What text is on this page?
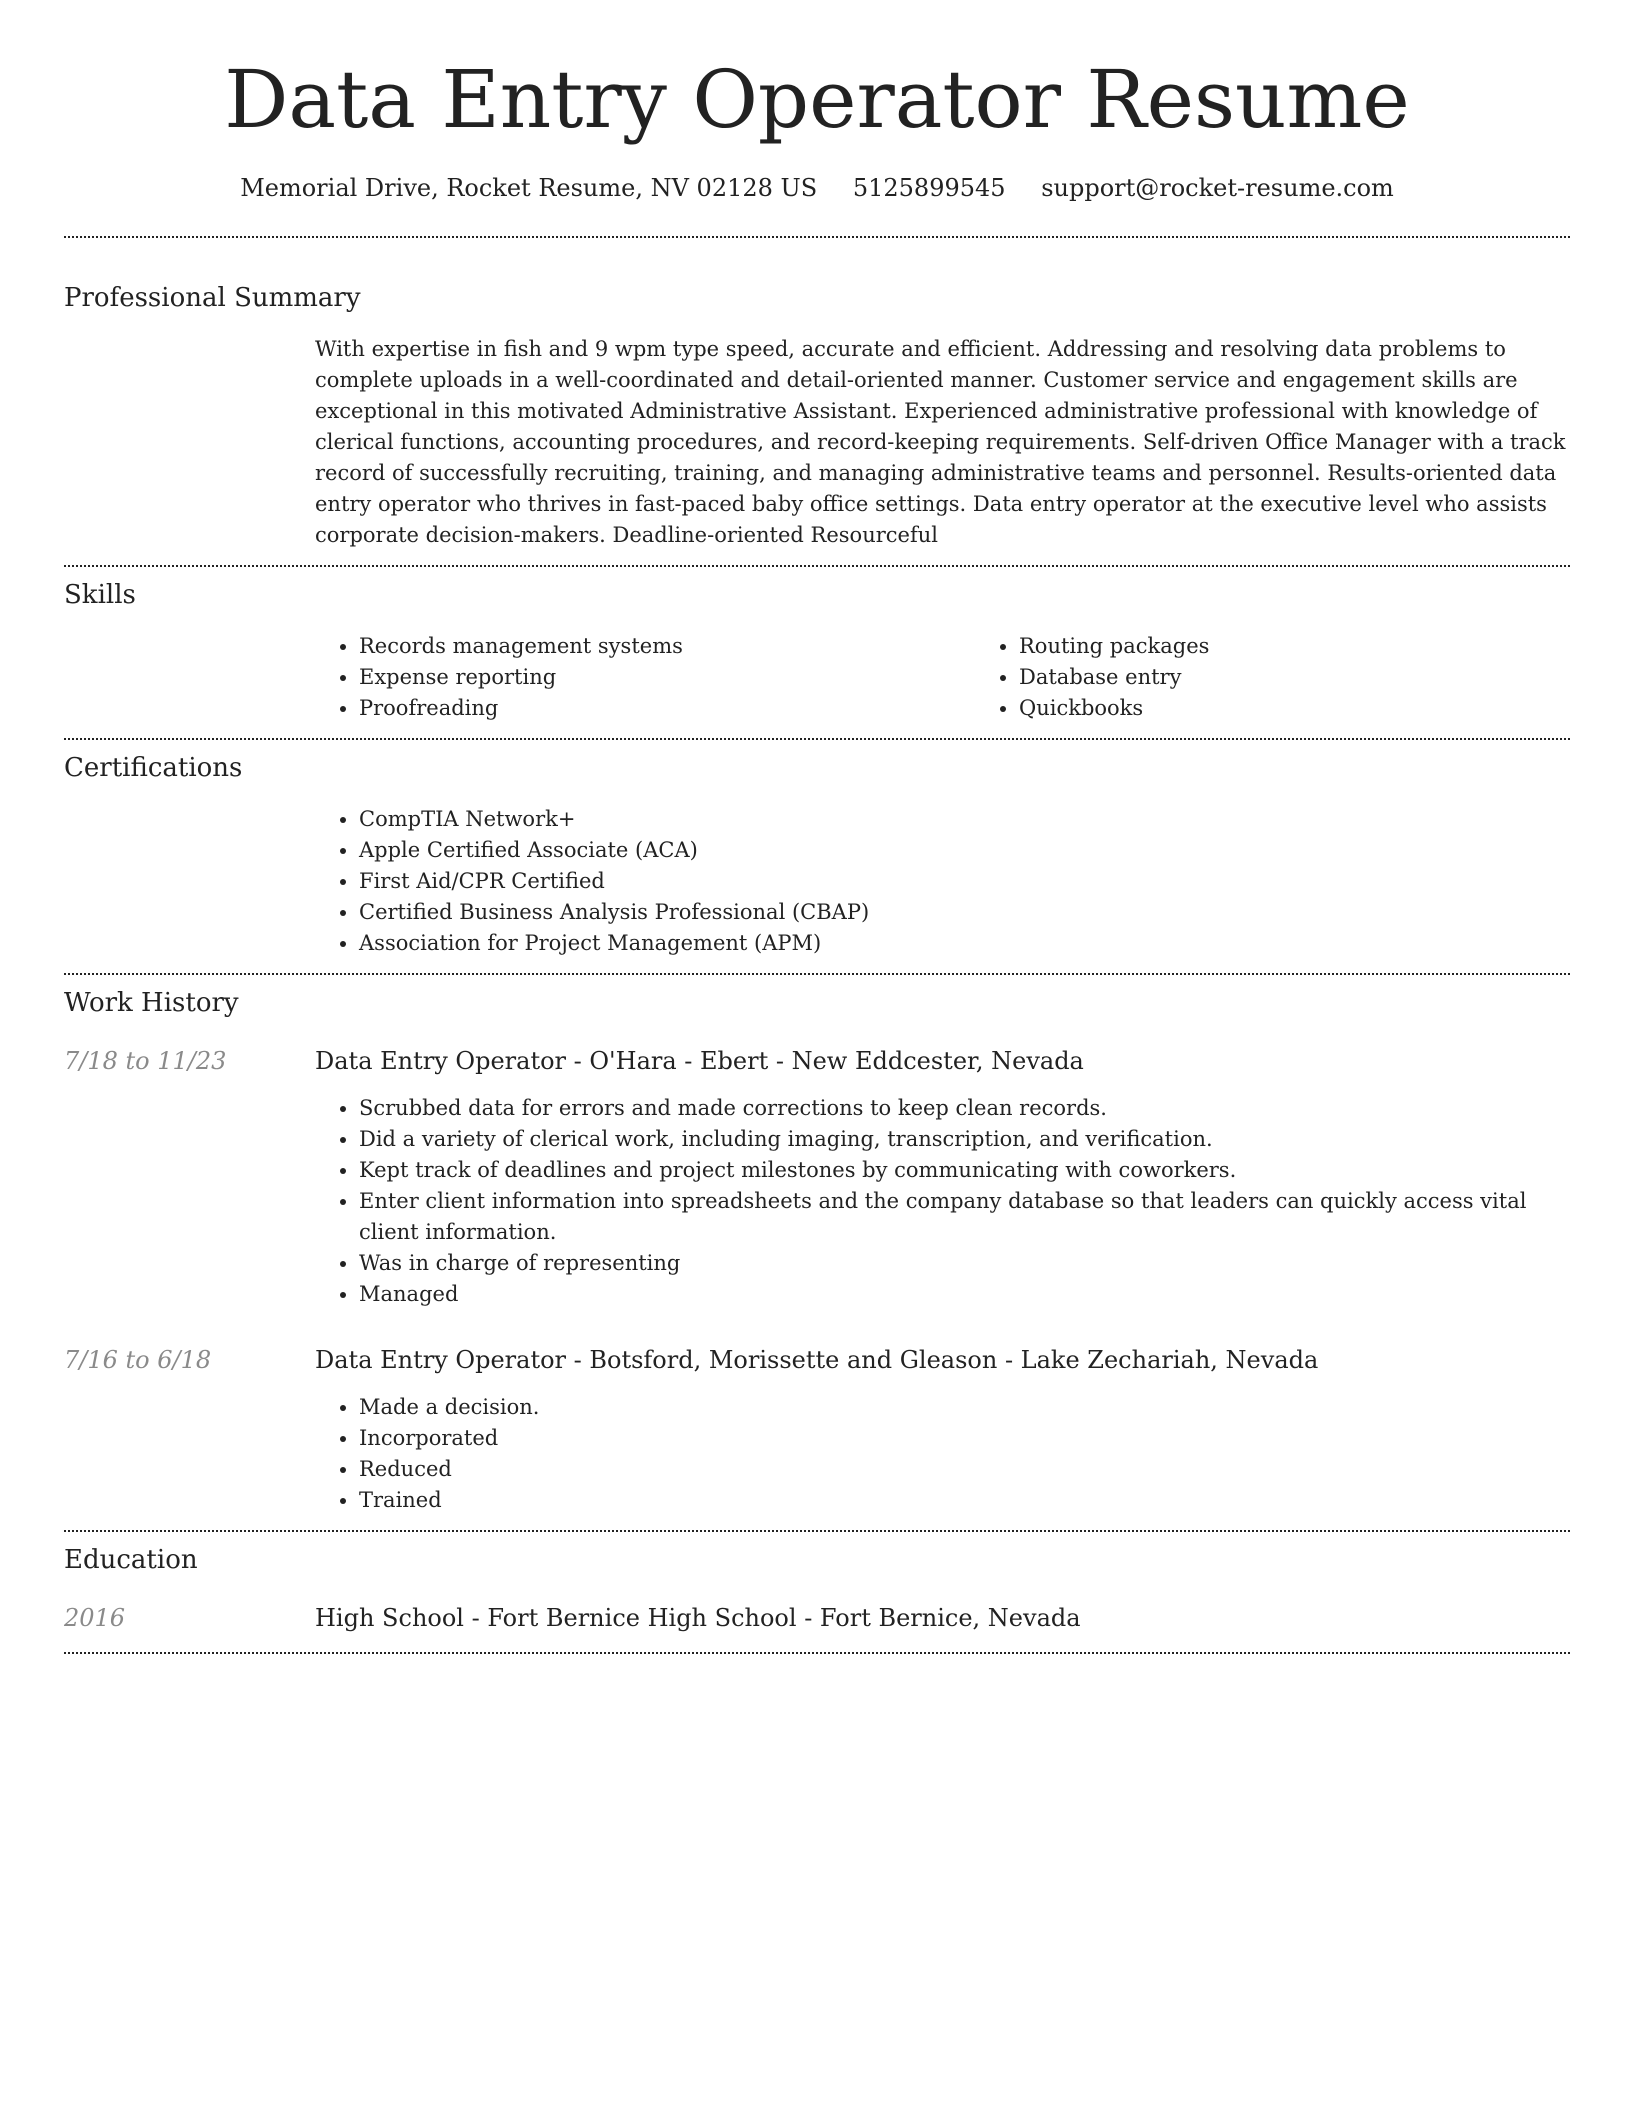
Data Entry Operator Resume
Memorial Drive, Rocket Resume, NV 02128 US 5125899545 support@rocket-resume.com
Professional Summary
With expertise in fish and 9 wpm type speed, accurate and efficient. Addressing and resolving data problems to complete uploads in a well-coordinated and detail-oriented manner. Customer service and engagement skills are exceptional in this motivated Administrative Assistant. Experienced administrative professional with knowledge of clerical functions, accounting procedures, and record-keeping requirements. Self-driven Office Manager with a track record of successfully recruiting, training, and managing administrative teams and personnel. Results-oriented data entry operator who thrives in fast-paced baby office settings. Data entry operator at the executive level who assists corporate decision-makers. Deadline-oriented Resourceful
Skills
• Records management systems
• Expense reporting
• Proofreading
• Routing packages
• Database entry
• Quickbooks
Certifications
• CompTIA Network+
• Apple Certified Associate (ACA)
• First Aid/CPR Certified
• Certified Business Analysis Professional (CBAP)
• Association for Project Management (APM)
Work History
7/18 to 11/23	Data Entry Operator - O'Hara - Ebert - New Eddcester, Nevada
• Scrubbed data for errors and made corrections to keep clean records.
• Did a variety of clerical work, including imaging, transcription, and verification.
• Kept track of deadlines and project milestones by communicating with coworkers.
• Enter client information into spreadsheets and the company database so that leaders can quickly access vital client information.
• Was in charge of representing
• Managed
7/16 to 6/18	Data Entry Operator - Botsford, Morissette and Gleason - Lake Zechariah, Nevada
• Made a decision.
• Incorporated
• Reduced
• Trained
Education
2016	High School - Fort Bernice High School - Fort Bernice, Nevada
